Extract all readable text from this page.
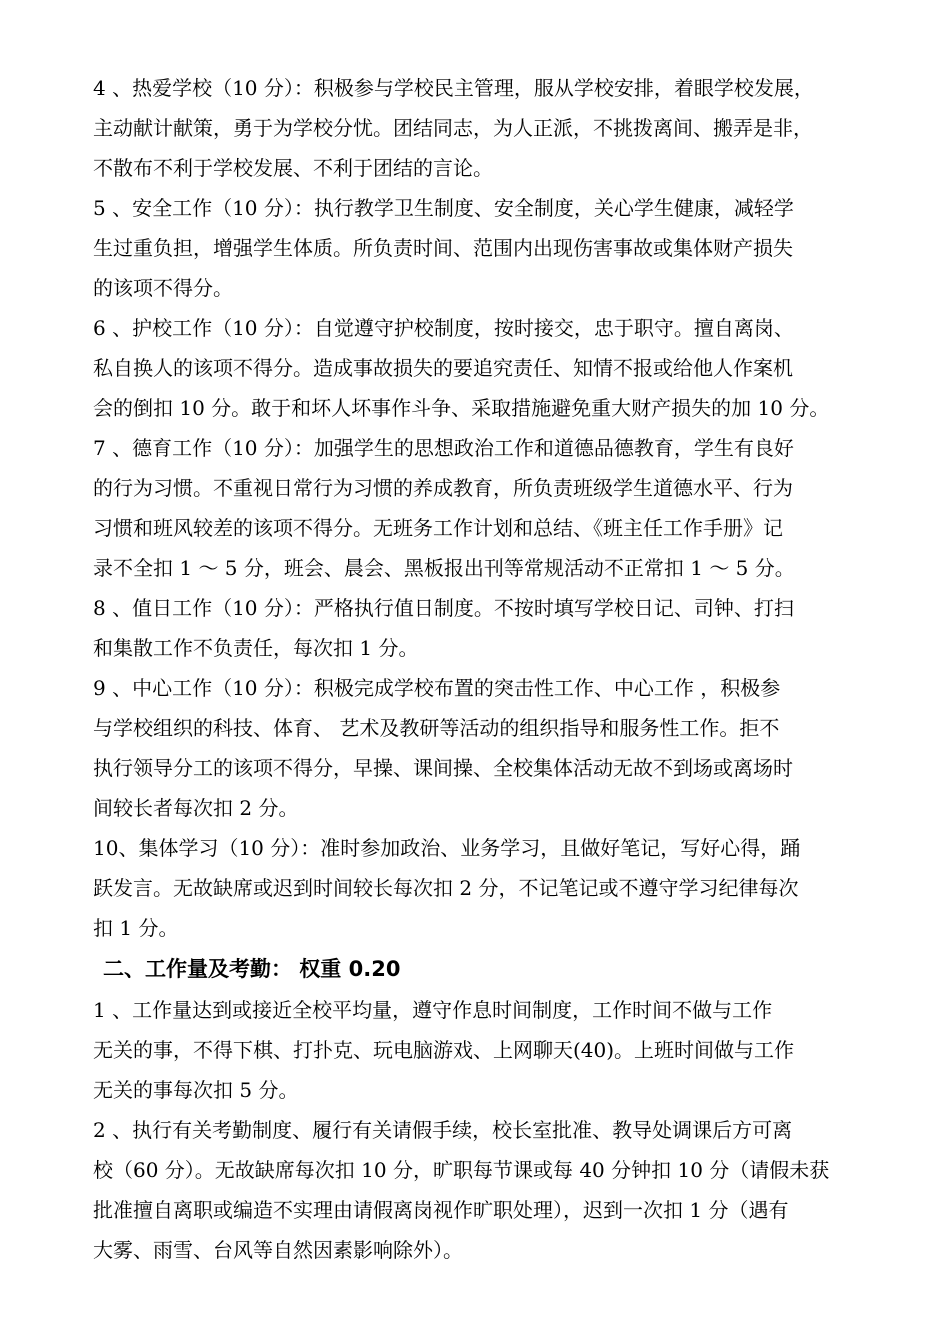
4 、热爱学校（10 分）：积极参与学校民主管理，服从学校安排，着眼学校发展，
主动献计献策，勇于为学校分忧。团结同志，为人正派，不挑拨离间、搬弄是非，
不散布不利于学校发展、不利于团结的言论。
5 、安全工作（10 分）：执行教学卫生制度、安全制度，关心学生健康，减轻学
生过重负担，增强学生体质。所负责时间、范围内出现伤害事故或集体财产损失
的该项不得分。
6 、护校工作（10 分）：自觉遵守护校制度，按时接交，忠于职守。擅自离岗、
私自换人的该项不得分。造成事故损失的要追究责任、知情不报或给他人作案机
会的倒扣 10 分。敢于和坏人坏事作斗争、采取措施避免重大财产损失的加 10 分。
7 、德育工作（10 分）：加强学生的思想政治工作和道德品德教育，学生有良好
的行为习惯。不重视日常行为习惯的养成教育，所负责班级学生道德水平、行为
习惯和班风较差的该项不得分。无班务工作计划和总结、《班主任工作手册》记
录不全扣 1 ～ 5 分，班会、晨会、黑板报出刊等常规活动不正常扣 1 ～ 5 分。
8 、值日工作（10 分）：严格执行值日制度。不按时填写学校日记、司钟、打扫
和集散工作不负责任，每次扣 1 分。
9 、中心工作（10 分）：积极完成学校布置的突击性工作、中心工作 ，积极参
与学校组织的科技、体育、 艺术及教研等活动的组织指导和服务性工作。拒不
执行领导分工的该项不得分，早操、课间操、全校集体活动无故不到场或离场时
间较长者每次扣 2 分。
10、集体学习（10 分）：准时参加政治、业务学习，且做好笔记，写好心得，踊
跃发言。无故缺席或迟到时间较长每次扣 2 分，不记笔记或不遵守学习纪律每次
扣 1 分。
二、工作量及考勤： 权重 0.20
1 、工作量达到或接近全校平均量，遵守作息时间制度，工作时间不做与工作
无关的事，不得下棋、打扑克、玩电脑游戏、上网聊天(40)。上班时间做与工作
无关的事每次扣 5 分。
2 、执行有关考勤制度、履行有关请假手续，校长室批准、教导处调课后方可离
校（60 分）。无故缺席每次扣 10 分，旷职每节课或每 40 分钟扣 10 分（请假未获
批准擅自离职或编造不实理由请假离岗视作旷职处理），迟到一次扣 1 分（遇有
大雾、雨雪、台风等自然因素影响除外）。
